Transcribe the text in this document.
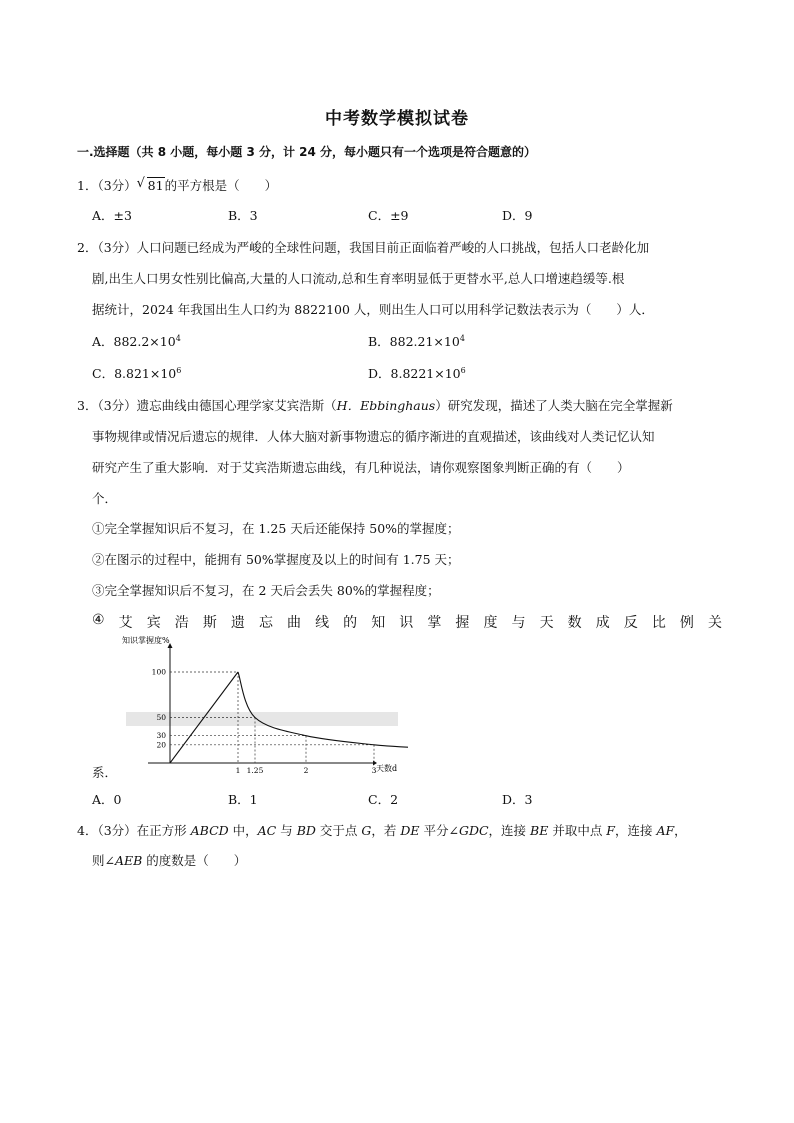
中考数学模拟试卷
一.选择题（共 8 小题，每小题 3 分，计 24 分，每小题只有一个选项是符合题意的）
1．（3分） √ 81的平方根是（　　）
A．±3	B．3	C．±9	D．9
2．（3分）人口问题已经成为严峻的全球性问题，我国目前正面临着严峻的人口挑战，包括人口老龄化加
剧,出生人口男女性别比偏高,大量的人口流动,总和生育率明显低于更替水平,总人口增速趋缓等.根
据统计，2024 年我国出生人口约为 8822100 人，则出生人口可以用科学记数法表示为（　　）人．
A．$882.2\times 10^4$	B．$882.21\times 10^4$
C．$8.821\times 10^6$	D．$8.8221\times 10^6$
3．（3分）遗忘曲线由德国心理学家艾宾浩斯（H．Ebbinghaus）研究发现，描述了人类大脑在完全掌握新
事物规律或情况后遗忘的规律．人体大脑对新事物遗忘的循序渐进的直观描述，该曲线对人类记忆认知
研究产生了重大影响．对于艾宾浩斯遗忘曲线，有几种说法，请你观察图象判断正确的有（　　）
个．
①完全掌握知识后不复习，在 1.25 天后还能保持 50%的掌握度；
②在图示的过程中，能拥有 50%掌握度及以上的时间有 1.75 天；
③完全掌握知识后不复习，在 2 天后会丢失 80%的掌握程度；
④ 艾 宾 浩 斯 遗 忘 曲 线 的 知 识 掌 握 度 与 天 数 成 反 比 例 关
知识掌握度%
天数d
1 1.25	2	3
100
50
30
20
系．
A．0	B．1	C．2	D．3
4．（3分）在正方形 ABCD 中，AC 与 BD 交于点 G，若 DE 平分∠GDC，连接 BE 并取中点 F，连接 AF，
则∠AEB 的度数是（　　）
